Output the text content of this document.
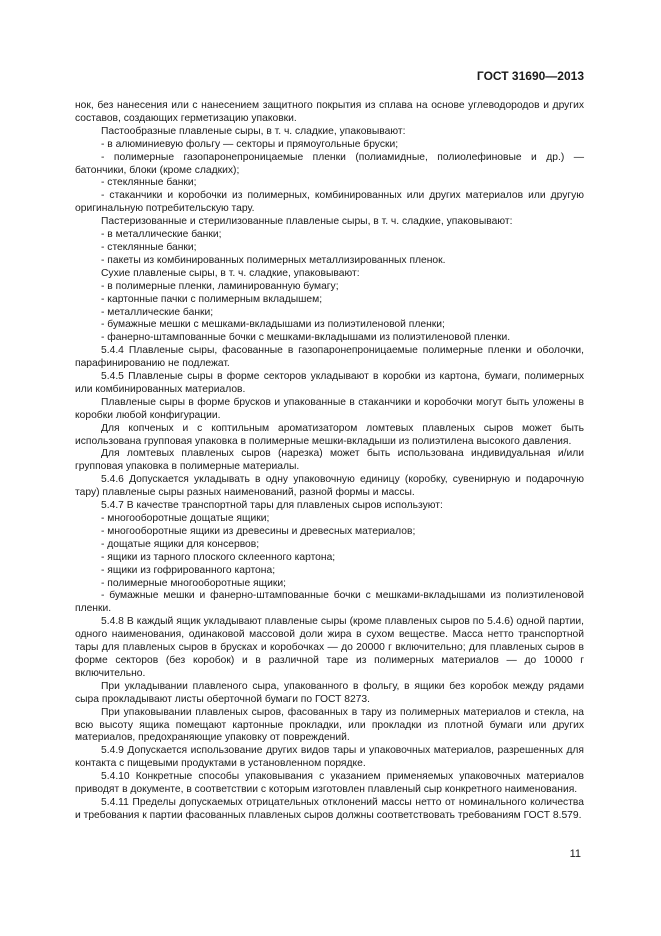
ГОСТ 31690—2013

нок, без нанесения или с нанесением защитного покрытия из сплава на основе углеводородов и других составов, создающих герметизацию упаковки.

Пастообразные плавленые сыры, в т. ч. сладкие, упаковывают:

- в алюминиевую фольгу — секторы и прямоугольные бруски;

- полимерные газопаронепроницаемые пленки (полиамидные, полиолефиновые и др.) — батончики, блоки (кроме сладких);

- стеклянные банки;

- стаканчики и коробочки из полимерных, комбинированных или других материалов или другую оригинальную потребительскую тару.

Пастеризованные и стерилизованные плавленые сыры, в т. ч. сладкие, упаковывают:

- в металлические банки;

- стеклянные банки;

- пакеты из комбинированных полимерных металлизированных пленок.

Сухие плавленые сыры, в т. ч. сладкие, упаковывают:

- в полимерные пленки, ламинированную бумагу;

- картонные пачки с полимерным вкладышем;

- металлические банки;

- бумажные мешки с мешками-вкладышами из полиэтиленовой пленки;

- фанерно-штампованные бочки с мешками-вкладышами из полиэтиленовой пленки.

5.4.4 Плавленые сыры, фасованные в газопаронепроницаемые полимерные пленки и оболочки, парафинированию не подлежат.

5.4.5 Плавленые сыры в форме секторов укладывают в коробки из картона, бумаги, полимерных или комбинированных материалов.

Плавленые сыры в форме брусков и упакованные в стаканчики и коробочки могут быть уложены в коробки любой конфигурации.

Для копченых и с коптильным ароматизатором ломтевых плавленых сыров может быть использована групповая упаковка в полимерные мешки-вкладыши из полиэтилена высокого давления.

Для ломтевых плавленых сыров (нарезка) может быть использована индивидуальная и/или групповая упаковка в полимерные материалы.

5.4.6 Допускается укладывать в одну упаковочную единицу (коробку, сувенирную и подарочную тару) плавленые сыры разных наименований, разной формы и массы.

5.4.7 В качестве транспортной тары для плавленых сыров используют:

- многооборотные дощатые ящики;

- многооборотные ящики из древесины и древесных материалов;

- дощатые ящики для консервов;

- ящики из тарного плоского склеенного картона;

- ящики из гофрированного картона;

- полимерные многооборотные ящики;

- бумажные мешки и фанерно-штампованные бочки с мешками-вкладышами из полиэтиленовой пленки.

5.4.8 В каждый ящик укладывают плавленые сыры (кроме плавленых сыров по 5.4.6) одной партии, одного наименования, одинаковой массовой доли жира в сухом веществе. Масса нетто транспортной тары для плавленых сыров в брусках и коробочках — до 20000 г включительно; для плавленых сыров в форме секторов (без коробок) и в различной таре из полимерных материалов — до 10000 г включительно.

При укладывании плавленого сыра, упакованного в фольгу, в ящики без коробок между рядами сыра прокладывают листы оберточной бумаги по ГОСТ 8273.

При упаковывании плавленых сыров, фасованных в тару из полимерных материалов и стекла, на всю высоту ящика помещают картонные прокладки, или прокладки из плотной бумаги или других материалов, предохраняющие упаковку от повреждений.

5.4.9 Допускается использование других видов тары и упаковочных материалов, разрешенных для контакта с пищевыми продуктами в установленном порядке.

5.4.10 Конкретные способы упаковывания с указанием применяемых упаковочных материалов приводят в документе, в соответствии с которым изготовлен плавленый сыр конкретного наименования.

5.4.11 Пределы допускаемых отрицательных отклонений массы нетто от номинального количества и требования к партии фасованных плавленых сыров должны соответствовать требованиям ГОСТ 8.579.

11
